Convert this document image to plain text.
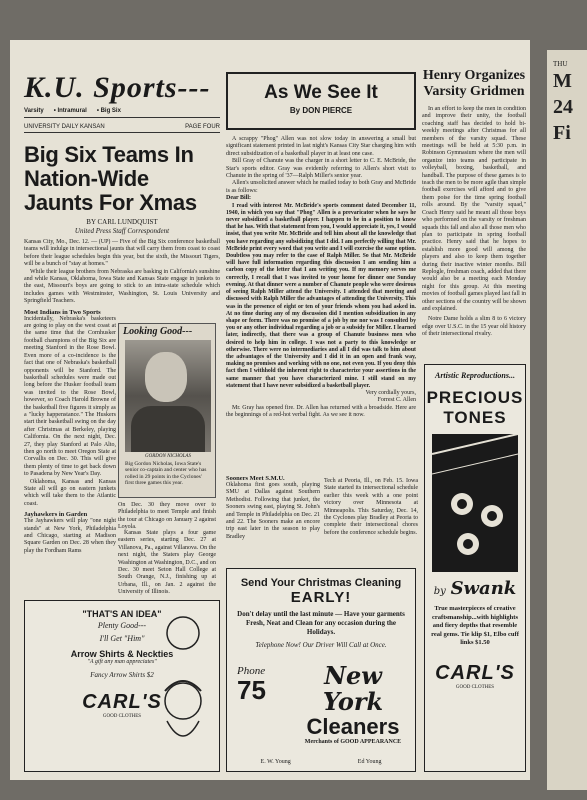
K.U. Sports---
Varsity • Intramural • Big Six
UNIVERSITY DAILY KANSAN	PAGE FOUR
Big Six Teams In Nation-Wide Jaunts For Xmas
BY CARL LUNDQUIST
United Press Staff Correspondent
Kansas City, Mo., Dec. 12. — (UP) — Five of the Big Six conference basketball teams will indulge in intersectional jaunts that will carry them from coast to coast before their league schedules begin this year, but the sixth, the Missouri Tigers, will be a bunch of "stay at homes."
While their league brothers from Nebraska are basking in California's sunshine and while Kansas, Oklahoma, Iowa State and Kansas State engage in junkets to the east, Missouri's boys are going to stick to an intra-state schedule which includes games with Westminster, Washington, St. Louis University and Springfield Teachers.
Most Indians in Two Sports
Incidentally, Nebraska's basketeers are going to play on the west coast at the same time that the Cornhusker football champions of the Big Six are meeting Stanford in the Rose Bowl. Even more of a co-incidence is the fact that one of Nebraska's basketball opponents will be Stanford. The basketball schedules were made out long before the Husker football team was invited to the Rose Bowl, however, so Coach Harold Browne of the basketball five figures it simply as a "lucky happenstance." The Huskers start their basketball swing on the day after Christmas at Berkeley, playing California. On the next night, Dec. 27, they play Stanford at Palo Alto, then go north to meet Oregon State at Corvallis on Dec. 30. This will give them plenty of time to get back down to Pasadena by New Year's Day.
Oklahoma, Kansas and Kansas State all will go on eastern junkets which will take them to the Atlantic coast.
Jayhawkers in Garden
The Jayhawkers will play "one night stands" at New York, Philadelphia and Chicago, starting at Madison Square Garden on Dec. 28 when they play the Fordham Rams
Looking Good---
GORDON NICHOLAS
Big Gordon Nicholas, Iowa State's senior co-captain and center who has rolled in 29 points in the Cyclones' first three games this year.
On Dec. 30 they move over to Philadelphia to meet Temple and finish the tour at Chicago on January 2 against Loyola.
Kansas State plays a four game eastern series, starting Dec. 27 at Villanova, Pa., against Villanova. On the next night, the Staters play George Washington at Washington, D.C., and on Dec. 30 meet Seton Hall College at South Orange, N.J., finishing up at Urbana, Ill., on Jan. 2 against the University of Illinois.
"THAT'S AN IDEA"
Plenty Good---
I'll Get "Him"
Arrow Shirts & Neckties
"A gift any man appreciates"
Fancy Arrow Shirts $2
CARL'S
GOOD CLOTHES
As We See It
By DON PIERCE
A scrappy "Phog" Allen was not slow today in answering a small but significant statement printed in last night's Kansas City Star charging him with direct subsidization of a basketball player in at least one case.
Bill Gray of Chanute was the charger in a short letter to C. E. McBride, the Star's sports editor. Gray was evidently referring to Allen's short visit to Chanute in the spring of '37—Ralph Miller's senior year.
Allen's unsolicited answer which he mailed today to both Gray and McBride is as follows:
Dear Bill:
I read with interest Mr. McBride's sports comment dated December 11, 1940, in which you say that "Phog" Allen is a prevaricator when he says he never subsidized a basketball player. I happen to be in a position to know that he has. With that statement from you, I would appreciate it, yes, I would insist, that you write Mr. McBride and tell him about all the knowledge that you have regarding any subsidizing that I did. I am perfectly willing that Mr. McBride print every word that you write and I will exercise the same option. Doubtless you may refer to the case of Ralph Miller. So that Mr. McBride will have full information regarding this discussion I am sending him a carbon copy of the letter that I am writing you. If my memory serves me correctly, I recall that I was invited to your home for dinner one Sunday evening. At that dinner were a number of Chanute people who were desirous of seeing Ralph Miller attend the University. I attended that meeting and discussed with Ralph Miller the advantages of attending the University. This was in the presence of eight or ten of your friends whom you had asked in. At no time during any of my discussion did I mention subsidization in any shape or form. There was no promise of a job by me nor was I consulted by you or any other individual regarding a job or a subsidy for Miller. I learned later, indirectly, that there was a group of Chanute business men who desired to help him in college. I was not a party to this knowledge or otherwise. There were no intermediaries and all I did was talk to him about the advantages of the University and I did it in an open and frank way, making no promises and working with no one, not even you. If you deny this fact then I withhold the inherent right to characterize your assertions in the same manner that you have characterized mine. I still stand on my statement that I have never subsidized a basketball player.
Very cordially yours,
Forrest C. Allen
Mr. Gray has opened fire. Dr. Allen has returned with a broadside. Here are the beginnings of a red-hot verbal fight. As we see it now.
Sooners Meet S.M.U.
Oklahoma first goes south, playing SMU at Dallas against Southern Methodist. Following that junket, the Sooners swing east, playing St. John's and Temple in Philadelphia on Dec. 21 and 22. The Sooners make an encore trip east later in the season to play Bradley
Tech at Peoria, Ill., on Feb. 15. Iowa State started its intersectional schedule earlier this week with a one point victory over Minnesota at Minneapolis. This Saturday, Dec. 14, the Cyclones play Bradley at Peoria to complete their intersectional chores before the conference schedule begins.
Send Your Christmas Cleaning
EARLY!
Don't delay until the last minute — Have your garments Fresh, Neat and Clean for any occasion during the Holidays.
Telephone Now! Our Driver Will Call at Once.
Phone
75	New York
Cleaners
Merchants of GOOD APPEARANCE
E. W. Young	Ed Young
Henry Organizes Varsity Gridmen
In an effort to keep the men in condition and improve their unity, the football coaching staff has decided to hold bi-weekly meetings after Christmas for all members of the varsity squad. These meetings will be held at 5:30 p.m. in Robinson Gymnasium where the men will organize into teams and participate in volleyball, boxing, basketball, and handball. The purpose of these games is to teach the men to be more agile than simple football exercises will afford and to give them poise for the time spring football rolls around. By the "varsity squad," Coach Henry said he meant all those boys who performed on the varsity or freshman squads this fall and also all those men who plan to participate in spring football practice. Henry said that he hopes to establish more good will among the players and also to keep them together during their inactive winter months. Bill Replogle, freshman coach, added that there would also be a meeting each Monday night for this group. At this meeting movies of football games played last fall in other sections of the country will be shown and explained.
Notre Dame holds a slim 8 to 6 victory edge over U.S.C. in the 15 year old history of their intersectional rivalry.
Artistic Reproductions...
PRECIOUS
TONES
by Swank
True masterpieces of creative craftsmanship...with highlights and fiery depths that resemble real gems. Tie klip $1, Elbo cuff links $1.50
CARL'S
GOOD CLOTHES
THU
M
24
Fi
